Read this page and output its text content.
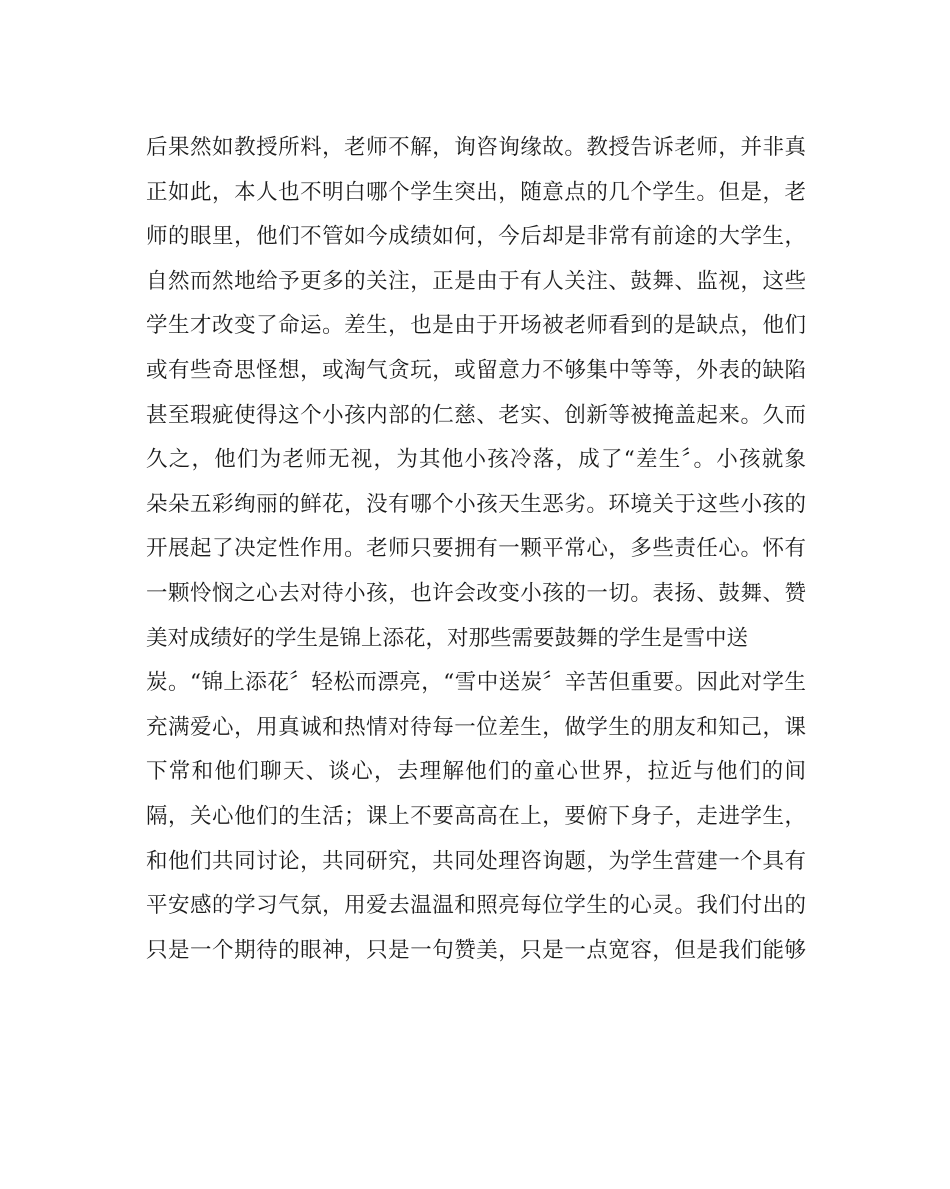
后果然如教授所料，老师不解，询咨询缘故。教授告诉老师，并非真
正如此，本人也不明白哪个学生突出，随意点的几个学生。但是，老
师的眼里，他们不管如今成绩如何，今后却是非常有前途的大学生，
自然而然地给予更多的关注，正是由于有人关注、鼓舞、监视，这些
学生才改变了命运。差生，也是由于开场被老师看到的是缺点，他们
或有些奇思怪想，或淘气贪玩，或留意力不够集中等等，外表的缺陷
甚至瑕疵使得这个小孩内部的仁慈、老实、创新等被掩盖起来。久而
久之，他们为老师无视，为其他小孩冷落，成了“差生〞。小孩就象
朵朵五彩绚丽的鲜花，没有哪个小孩天生恶劣。环境关于这些小孩的
开展起了决定性作用。老师只要拥有一颗平常心，多些责任心。怀有
一颗怜悯之心去对待小孩，也许会改变小孩的一切。表扬、鼓舞、赞
美对成绩好的学生是锦上添花，对那些需要鼓舞的学生是雪中送
炭。“锦上添花〞轻松而漂亮，“雪中送炭〞辛苦但重要。因此对学生
充满爱心，用真诚和热情对待每一位差生，做学生的朋友和知己，课
下常和他们聊天、谈心，去理解他们的童心世界，拉近与他们的间
隔，关心他们的生活；课上不要高高在上，要俯下身子，走进学生，
和他们共同讨论，共同研究，共同处理咨询题，为学生营建一个具有
平安感的学习气氛，用爱去温温和照亮每位学生的心灵。我们付出的
只是一个期待的眼神，只是一句赞美，只是一点宽容，但是我们能够
